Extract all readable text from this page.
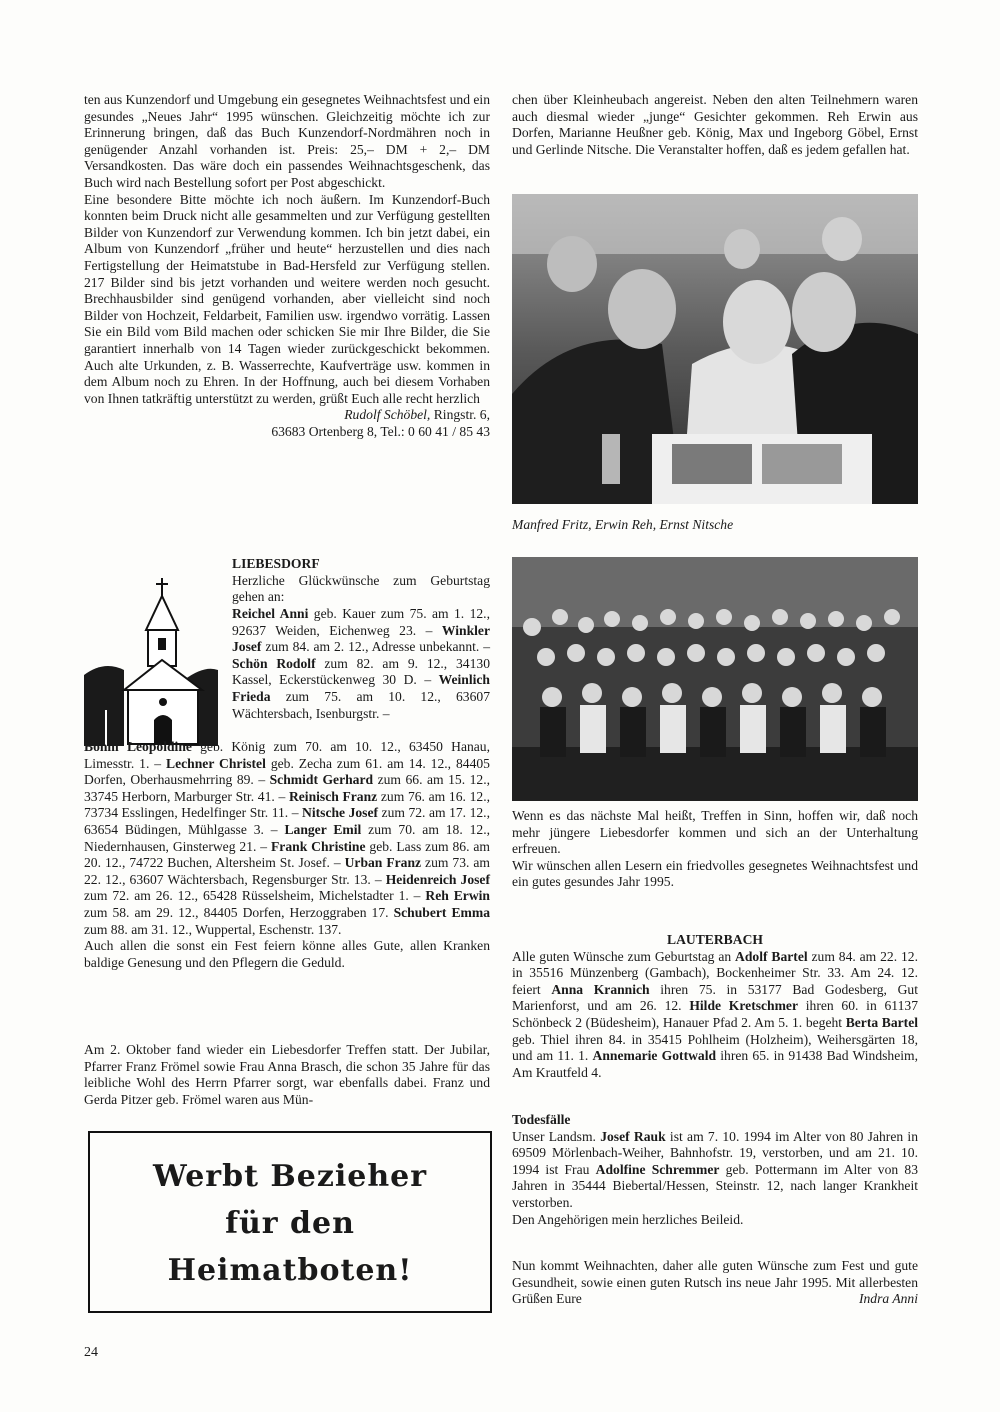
ten aus Kunzendorf und Umgebung ein gesegnetes Weihnachtsfest und ein gesundes „Neues Jahr“ 1995 wünschen. Gleichzeitig möchte ich zur Erinnerung bringen, daß das Buch Kunzendorf-Nordmähren noch in genügender Anzahl vorhanden ist. Preis: 25,– DM + 2,– DM Versandkosten. Das wäre doch ein passendes Weihnachtsgeschenk, das Buch wird nach Bestellung sofort per Post abgeschickt.

Eine besondere Bitte möchte ich noch äußern. Im Kunzendorf-Buch konnten beim Druck nicht alle gesammelten und zur Verfügung gestellten Bilder von Kunzendorf zur Verwendung kommen. Ich bin jetzt dabei, ein Album von Kunzendorf „früher und heute“ herzustellen und dies nach Fertigstellung der Heimatstube in Bad-Hersfeld zur Verfügung stellen. 217 Bilder sind bis jetzt vorhanden und weitere werden noch gesucht. Brechhausbilder sind genügend vorhanden, aber vielleicht sind noch Bilder von Hochzeit, Feldarbeit, Familien usw. irgendwo vorrätig. Lassen Sie ein Bild vom Bild machen oder schicken Sie mir Ihre Bilder, die Sie garantiert innerhalb von 14 Tagen wieder zurückgeschickt bekommen. Auch alte Urkunden, z. B. Wasserrechte, Kaufverträge usw. kommen in dem Album noch zu Ehren. In der Hoffnung, auch bei diesem Vorhaben von Ihnen tatkräftig unterstützt zu werden, grüßt Euch alle recht herzlich

Rudolf Schöbel, Ringstr. 6,

63683 Ortenberg 8, Tel.: 0 60 41 / 85 43

chen über Kleinheubach angereist. Neben den alten Teilnehmern waren auch diesmal wieder „junge“ Gesichter gekommen. Reh Erwin aus Dorfen, Marianne Heußner geb. König, Max und Ingeborg Göbel, Ernst und Gerlinde Nitsche. Die Veranstalter hoffen, daß es jedem gefallen hat.

Manfred Fritz, Erwin Reh, Ernst Nitsche
LIEBESDORF
Herzliche Glückwünsche zum Geburtstag gehen an:
Reichel Anni geb. Kauer zum 75. am 1. 12., 92637 Weiden, Eichenweg 23. – Winkler Josef zum 84. am 2. 12., Adresse unbekannt. – Schön Rodolf zum 82. am 9. 12., 34130 Kassel, Eckerstückenweg 30 D. – Weinlich Frieda zum 75. am 10. 12., 63607 Wächtersbach, Isenburgstr. –
Böhm Leopoldine geb. König zum 70. am 10. 12., 63450 Hanau, Limesstr. 1. – Lechner Christel geb. Zecha zum 61. am 14. 12., 84405 Dorfen, Oberhausmehrring 89. – Schmidt Gerhard zum 66. am 15. 12., 33745 Herborn, Marburger Str. 41. – Reinisch Franz zum 76. am 16. 12., 73734 Esslingen, Hedelfinger Str. 11. – Nitsche Josef zum 72. am 17. 12., 63654 Büdingen, Mühlgasse 3. – Langer Emil zum 70. am 18. 12., Niedernhausen, Ginsterweg 21. – Frank Christine geb. Lass zum 86. am 20. 12., 74722 Buchen, Altersheim St. Josef. – Urban Franz zum 73. am 22. 12., 63607 Wächtersbach, Regensburger Str. 13. – Heidenreich Josef zum 72. am 26. 12., 65428 Rüsselsheim, Michelstadter 1. – Reh Erwin zum 58. am 29. 12., 84405 Dorfen, Herzoggraben 17. Schubert Emma zum 88. am 31. 12., Wuppertal, Eschenstr. 137.

Auch allen die sonst ein Fest feiern könne alles Gute, allen Kranken baldige Genesung und den Pflegern die Geduld.

Am 2. Oktober fand wieder ein Liebesdorfer Treffen statt. Der Jubilar, Pfarrer Franz Frömel sowie Frau Anna Brasch, die schon 35 Jahre für das leibliche Wohl des Herrn Pfarrer sorgt, war ebenfalls dabei. Franz und Gerda Pitzer geb. Frömel waren aus Mün-

Werbt Bezieher
für den
Heimatboten!

Wenn es das nächste Mal heißt, Treffen in Sinn, hoffen wir, daß noch mehr jüngere Liebesdorfer kommen und sich an der Unterhaltung erfreuen.

Wir wünschen allen Lesern ein friedvolles gesegnetes Weihnachtsfest und ein gutes gesundes Jahr 1995.

LAUTERBACH

Alle guten Wünsche zum Geburtstag an Adolf Bartel zum 84. am 22. 12. in 35516 Münzenberg (Gambach), Bockenheimer Str. 33. Am 24. 12. feiert Anna Krannich ihren 75. in 53177 Bad Godesberg, Gut Marienforst, und am 26. 12. Hilde Kretschmer ihren 60. in 61137 Schönbeck 2 (Büdesheim), Hanauer Pfad 2. Am 5. 1. begeht Berta Bartel geb. Thiel ihren 84. in 35415 Pohlheim (Holzheim), Weihersgärten 18, und am 11. 1. Annemarie Gottwald ihren 65. in 91438 Bad Windsheim, Am Krautfeld 4.

Todesfälle

Unser Landsm. Josef Rauk ist am 7. 10. 1994 im Alter von 80 Jahren in 69509 Mörlenbach-Weiher, Bahnhofstr. 19, verstorben, und am 21. 10. 1994 ist Frau Adolfine Schremmer geb. Pottermann im Alter von 83 Jahren in 35444 Biebertal/Hessen, Steinstr. 12, nach langer Krankheit verstorben.

Den Angehörigen mein herzliches Beileid.

Nun kommt Weihnachten, daher alle guten Wünsche zum Fest und gute Gesundheit, sowie einen guten Rutsch ins neue Jahr 1995. Mit allerbesten Grüßen Eure	Indra Anni

24
